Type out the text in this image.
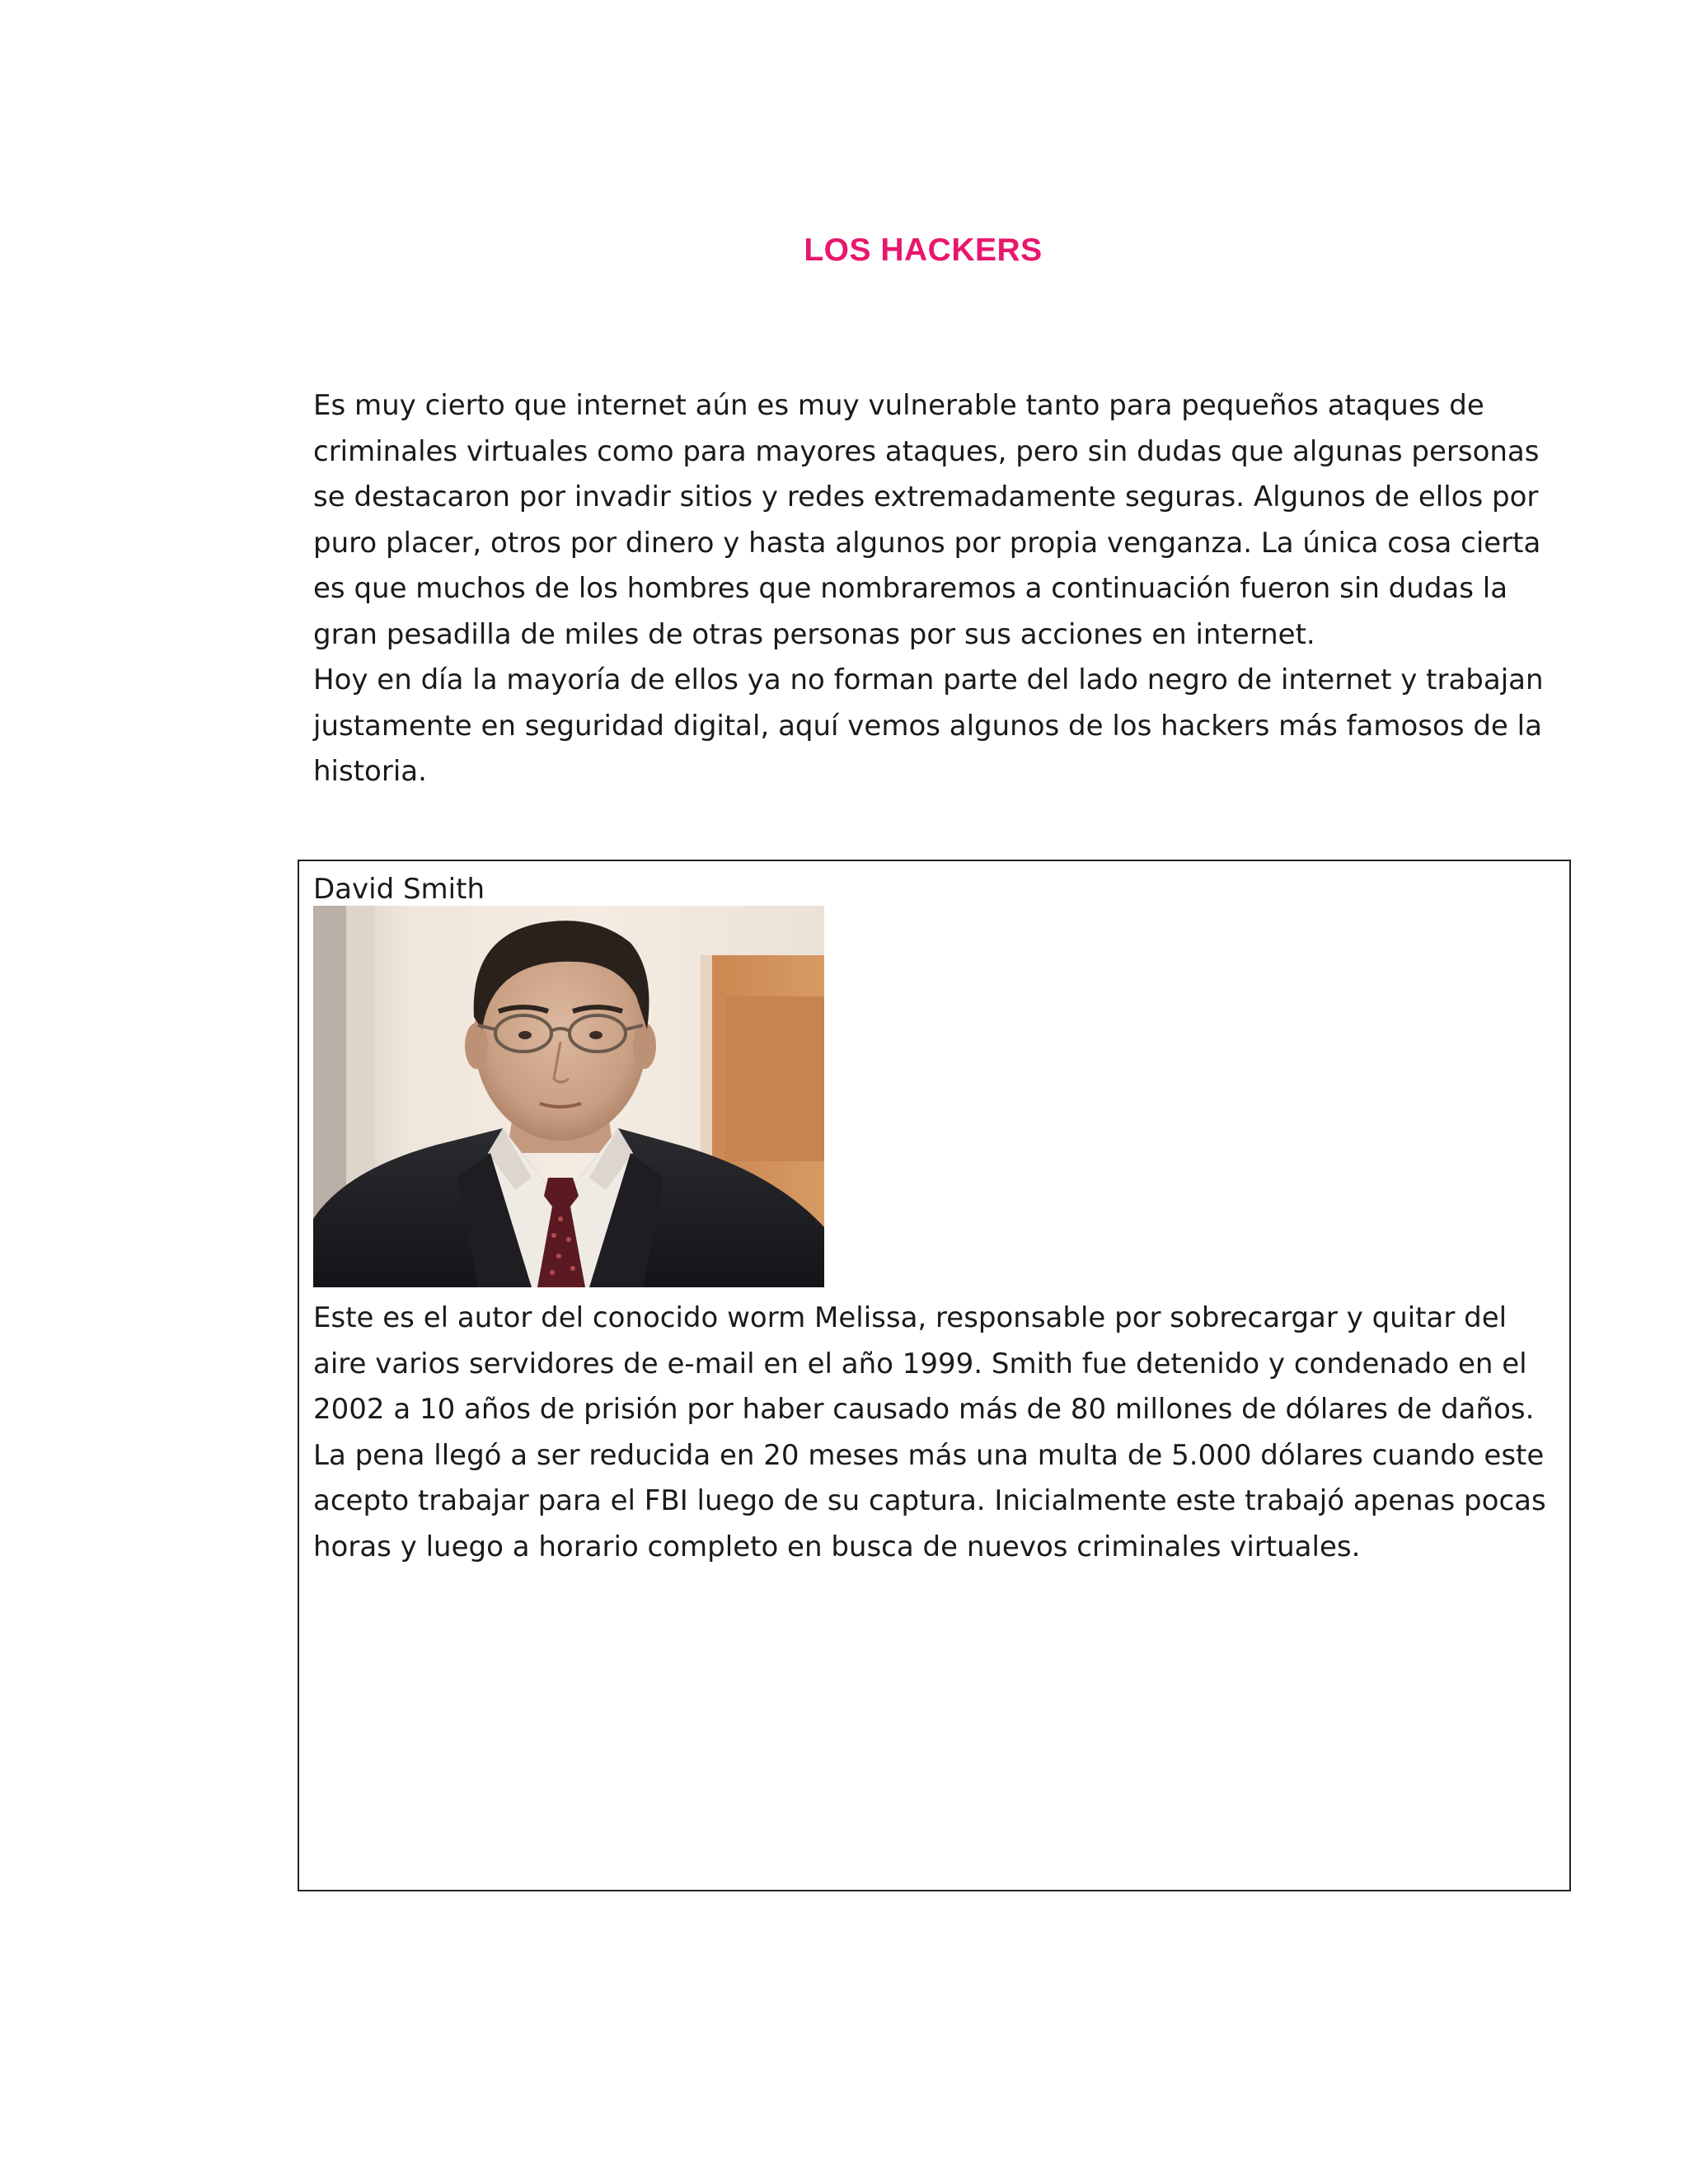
LOS HACKERS

Es muy cierto que internet aún es muy vulnerable tanto para pequeños ataques de criminales virtuales como para mayores ataques, pero sin dudas que algunas personas se destacaron por invadir sitios y redes extremadamente seguras. Algunos de ellos por puro placer, otros por dinero y hasta algunos por propia venganza. La única cosa cierta es que muchos de los hombres que nombraremos a continuación fueron sin dudas la gran pesadilla de miles de otras personas por sus acciones en internet.

Hoy en día la mayoría de ellos ya no forman parte del lado negro de internet y trabajan justamente en seguridad digital, aquí vemos algunos de los hackers más famosos de la historia.

David Smith
Este es el autor del conocido worm Melissa, responsable por sobrecargar y quitar del aire varios servidores de e-mail en el año 1999. Smith fue detenido y condenado en el 2002 a 10 años de prisión por haber causado más de 80 millones de dólares de daños. La pena llegó a ser reducida en 20 meses más una multa de 5.000 dólares cuando este acepto trabajar para el FBI luego de su captura. Inicialmente este trabajó apenas pocas horas y luego a horario completo en busca de nuevos criminales virtuales.
